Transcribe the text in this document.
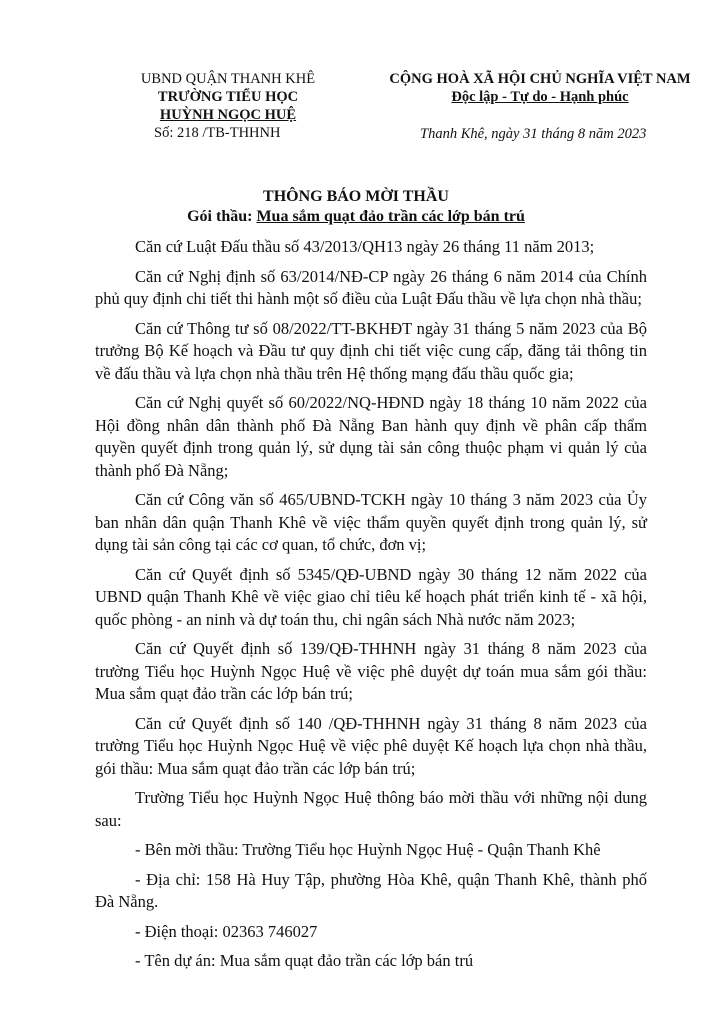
UBND QUẬN THANH KHÊ
TRƯỜNG TIỂU HỌC
HUỲNH NGỌC HUỆ
Số: 218 /TB-THHNH
CỘNG HOÀ XÃ HỘI CHỦ NGHĨA VIỆT NAM
Độc lập - Tự do - Hạnh phúc
Thanh Khê, ngày 31 tháng 8 năm 2023
THÔNG BÁO MỜI THẦU
Gói thầu: Mua sắm quạt đảo trần các lớp bán trú

Căn cứ Luật Đấu thầu số 43/2013/QH13 ngày 26 tháng 11 năm 2013;

Căn cứ Nghị định số 63/2014/NĐ-CP ngày 26 tháng 6 năm 2014 của Chính phủ quy định chi tiết thi hành một số điều của Luật Đấu thầu về lựa chọn nhà thầu;

Căn cứ Thông tư số 08/2022/TT-BKHĐT ngày 31 tháng 5 năm 2023 của Bộ trưởng Bộ Kế hoạch và Đầu tư quy định chi tiết việc cung cấp, đăng tải thông tin về đấu thầu và lựa chọn nhà thầu trên Hệ thống mạng đấu thầu quốc gia;

Căn cứ Nghị quyết số 60/2022/NQ-HĐND ngày 18 tháng 10 năm 2022 của Hội đồng nhân dân thành phố Đà Nẵng Ban hành quy định về phân cấp thẩm quyền quyết định trong quản lý, sử dụng tài sản công thuộc phạm vi quản lý của thành phố Đà Nẵng;

Căn cứ Công văn số 465/UBND-TCKH ngày 10 tháng 3 năm 2023 của Ủy ban nhân dân quận Thanh Khê về việc thẩm quyền quyết định trong quản lý, sử dụng tài sản công tại các cơ quan, tổ chức, đơn vị;

Căn cứ Quyết định số 5345/QĐ-UBND ngày 30 tháng 12 năm 2022 của UBND quận Thanh Khê về việc giao chỉ tiêu kế hoạch phát triển kinh tế - xã hội, quốc phòng - an ninh và dự toán thu, chi ngân sách Nhà nước năm 2023;

Căn cứ Quyết định số 139/QĐ-THHNH ngày 31 tháng 8 năm 2023 của trường Tiểu học Huỳnh Ngọc Huệ về việc phê duyệt dự toán mua sắm gói thầu: Mua sắm quạt đảo trần các lớp bán trú;

Căn cứ Quyết định số 140 /QĐ-THHNH ngày 31 tháng 8 năm 2023 của trường Tiểu học Huỳnh Ngọc Huệ về việc phê duyệt Kế hoạch lựa chọn nhà thầu, gói thầu: Mua sắm quạt đảo trần các lớp bán trú;

Trường Tiểu học Huỳnh Ngọc Huệ thông báo mời thầu với những nội dung sau:

- Bên mời thầu: Trường Tiểu học Huỳnh Ngọc Huệ - Quận Thanh Khê

- Địa chỉ: 158 Hà Huy Tập, phường Hòa Khê, quận Thanh Khê, thành phố Đà Nẵng.

- Điện thoại: 02363 746027

- Tên dự án: Mua sắm quạt đảo trần các lớp bán trú
